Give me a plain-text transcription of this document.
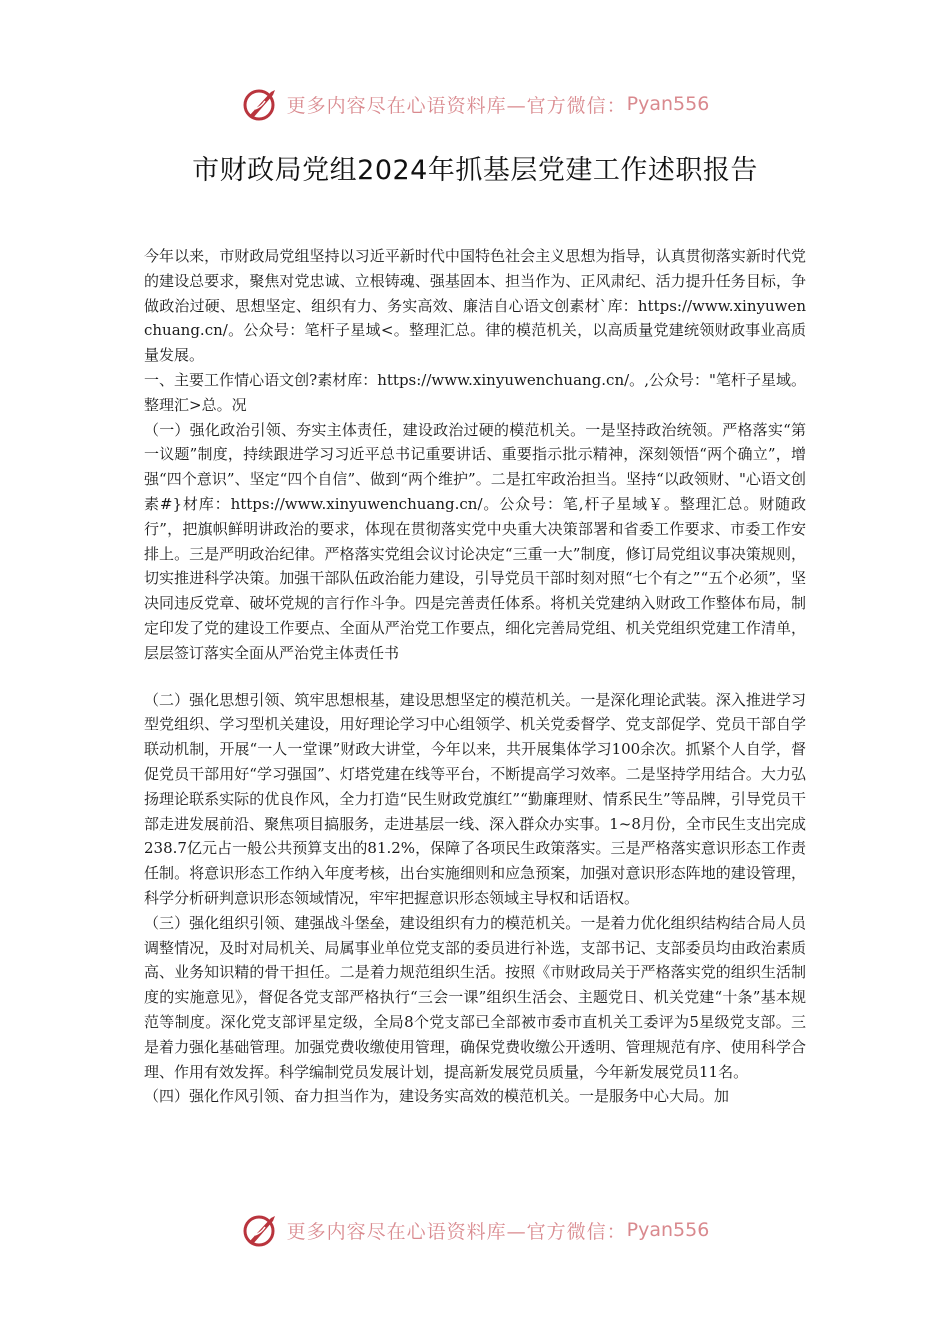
更多内容尽在心语资料库—官方微信： Pyan556
市财政局党组2024年抓基层党建工作述职报告

今年以来，市财政局党组坚持以习近平新时代中国特色社会主义思想为指导，认真贯彻落实新时代党的建设总要求，聚焦对党忠诚、立根铸魂、强基固本、担当作为、正风肃纪、活力提升任务目标，争做政治过硬、思想坚定、组织有力、务实高效、廉洁自心语文创素材`库：https://www.xinyuwenchuang.cn/。公众号：笔杆子星域<。整理汇总。律的模范机关，以高质量党建统领财政事业高质量发展。

一、主要工作情心语文创?素材库：https://www.xinyuwenchuang.cn/。,公众号："笔杆子星域。整理汇>总。况

（一）强化政治引领、夯实主体责任，建设政治过硬的模范机关。一是坚持政治统领。严格落实“第一议题”制度，持续跟进学习习近平总书记重要讲话、重要指示批示精神，深刻领悟“两个确立”，增强“四个意识”、坚定“四个自信”、做到“两个维护”。二是扛牢政治担当。坚持“以政领财、"心语文创素#}材库：https://www.xinyuwenchuang.cn/。公众号：笔,杆子星域￥。整理汇总。财随政行”，把旗帜鲜明讲政治的要求，体现在贯彻落实党中央重大决策部署和省委工作要求、市委工作安排上。三是严明政治纪律。严格落实党组会议讨论决定“三重一大”制度，修订局党组议事决策规则，切实推进科学决策。加强干部队伍政治能力建设，引导党员干部时刻对照“七个有之”“五个必须”，坚决同违反党章、破坏党规的言行作斗争。四是完善责任体系。将机关党建纳入财政工作整体布局，制定印发了党的建设工作要点、全面从严治党工作要点，细化完善局党组、机关党组织党建工作清单，层层签订落实全面从严治党主体责任书

（二）强化思想引领、筑牢思想根基，建设思想坚定的模范机关。一是深化理论武装。深入推进学习型党组织、学习型机关建设，用好理论学习中心组领学、机关党委督学、党支部促学、党员干部自学联动机制，开展“一人一堂课”财政大讲堂，今年以来，共开展集体学习100余次。抓紧个人自学，督促党员干部用好“学习强国”、灯塔党建在线等平台，不断提高学习效率。二是坚持学用结合。大力弘扬理论联系实际的优良作风，全力打造“民生财政党旗红”“勤廉理财、情系民生”等品牌，引导党员干部走进发展前沿、聚焦项目搞服务，走进基层一线、深入群众办实事。1~8月份，全市民生支出完成238.7亿元占一般公共预算支出的81.2%，保障了各项民生政策落实。三是严格落实意识形态工作责任制。将意识形态工作纳入年度考核，出台实施细则和应急预案，加强对意识形态阵地的建设管理，科学分析研判意识形态领域情况，牢牢把握意识形态领域主导权和话语权。

（三）强化组织引领、建强战斗堡垒，建设组织有力的模范机关。一是着力优化组织结构结合局人员调整情况，及时对局机关、局属事业单位党支部的委员进行补选，支部书记、支部委员均由政治素质高、业务知识精的骨干担任。二是着力规范组织生活。按照《市财政局关于严格落实党的组织生活制度的实施意见》，督促各党支部严格执行“三会一课”组织生活会、主题党日、机关党建“十条”基本规范等制度。深化党支部评星定级，全局8个党支部已全部被市委市直机关工委评为5星级党支部。三是着力强化基础管理。加强党费收缴使用管理，确保党费收缴公开透明、管理规范有序、使用科学合理、作用有效发挥。科学编制党员发展计划，提高新发展党员质量，今年新发展党员11名。

（四）强化作风引领、奋力担当作为，建设务实高效的模范机关。一是服务中心大局。加

更多内容尽在心语资料库—官方微信： Pyan556
